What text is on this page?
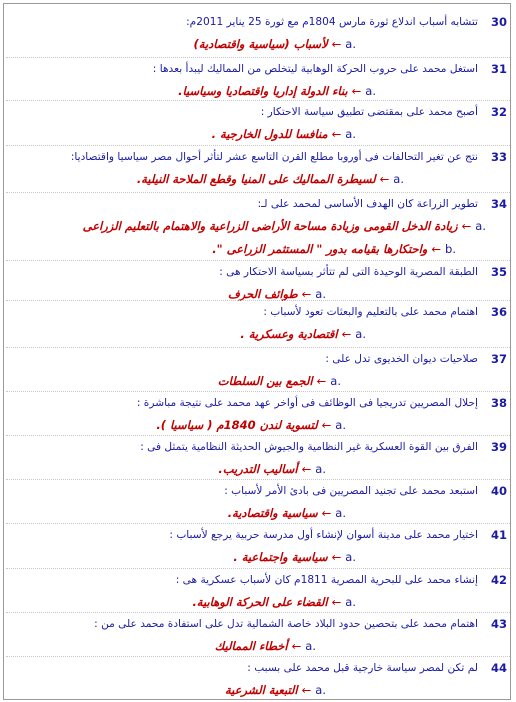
30
تتشابه أسباب اندلاع ثورة مارس 1804م مع ثورة 25 يناير 2011م:
لأسباب (سياسية واقتصادية) ← a.
31
استغل محمد على حروب الحركة الوهابية ليتخلص من المماليك ليبدأ بعدها :
بناء الدولة إداريا واقتصاديا وسياسيا. ← a.
32
أصبح محمد على بمقتضى تطبيق سياسة الاحتكار :
منافسا للدول الخارجية . ← a.
33
نتج عن تغير التحالفات فى أوروبا مطلع القرن التاسع عشر لتأثر أحوال مصر سياسيا واقتصاديا:
لسيطرة المماليك على المنيا وقطع الملاحة النيلية. ← a.
34
تطوير الزراعة كان الهدف الأساسى لمحمد على لـ:
زيادة الدخل القومى وزيادة مساحة الأراضى الزراعية والاهتمام بالتعليم الزراعى ← a.
واحتكارها بقيامه بدور " المستثمر الزراعى ". ← b.
35
الطبقة المصرية الوحيدة التى لم تتأثر بسياسة الاحتكار هى :
طوائف الحرف ← a.
36
اهتمام محمد على بالتعليم والبعثات تعود لأسباب :
اقتصادية وعسكرية . ← a.
37
صلاحيات ديوان الخديوى تدل على :
الجمع بين السلطات ← a.
38
إحلال المصريين تدريجيا فى الوظائف فى أواخر عهد محمد على نتيجة مباشرة :
لتسوية لندن 1840م ( سياسيا ). ← a.
39
الفرق بين القوة العسكرية غير النظامية والجيوش الحديثة النظامية يتمثل فى :
أساليب التدريب. ← a.
40
استبعد محمد على تجنيد المصريين فى بادئ الأمر لأسباب :
سياسية واقتصادية. ← a.
41
اختيار محمد على مدينة أسوان لإنشاء أول مدرسة حربية يرجع لأسباب :
سياسية واجتماعية . ← a.
42
إنشاء محمد على للبحرية المصرية 1811م كان لأسباب عسكرية هى :
القضاء على الحركة الوهابية. ← a.
43
اهتمام محمد على بتحصين حدود البلاد خاصة الشمالية تدل على استفادة محمد على من :
أخطاء المماليك ← a.
44
لم تكن لمصر سياسة خارجية قبل محمد على بسبب :
التبعية الشرعية ← a.
